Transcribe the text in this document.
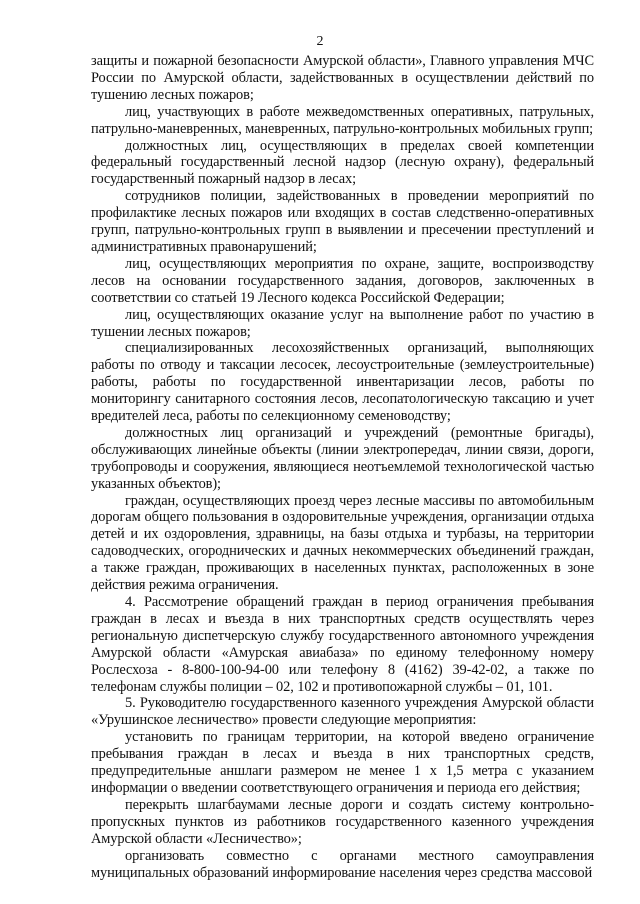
2

защиты и пожарной безопасности Амурской области», Главного управления МЧС России по Амурской области, задействованных в осуществлении действий по тушению лесных пожаров;

лиц, участвующих в работе межведомственных оперативных, патрульных, патрульно-маневренных, маневренных, патрульно-контрольных мобильных групп;

должностных лиц, осуществляющих в пределах своей компетенции федеральный государственный лесной надзор (лесную охрану), федеральный государственный пожарный надзор в лесах;

сотрудников полиции, задействованных в проведении мероприятий по профилактике лесных пожаров или входящих в состав следственно-оперативных групп, патрульно-контрольных групп в выявлении и пресечении преступлений и административных правонарушений;

лиц, осуществляющих мероприятия по охране, защите, воспроизводству лесов на основании государственного задания, договоров, заключенных в соответствии со статьей 19 Лесного кодекса Российской Федерации;

лиц, осуществляющих оказание услуг на выполнение работ по участию в тушении лесных пожаров;

специализированных лесохозяйственных организаций, выполняющих работы по отводу и таксации лесосек, лесоустроительные (землеустроительные) работы, работы по государственной инвентаризации лесов, работы по мониторингу санитарного состояния лесов, лесопатологическую таксацию и учет вредителей леса, работы по селекционному семеноводству;

должностных лиц организаций и учреждений (ремонтные бригады), обслуживающих линейные объекты (линии электропередач, линии связи, дороги, трубопроводы и сооружения, являющиеся неотъемлемой технологической частью указанных объектов);

граждан, осуществляющих проезд через лесные массивы по автомобильным дорогам общего пользования в оздоровительные учреждения, организации отдыха детей и их оздоровления, здравницы, на базы отдыха и турбазы, на территории садоводческих, огороднических и дачных некоммерческих объединений граждан, а также граждан, проживающих в населенных пунктах, расположенных в зоне действия режима ограничения.

4. Рассмотрение обращений граждан в период ограничения пребывания граждан в лесах и въезда в них транспортных средств осуществлять через региональную диспетчерскую службу государственного автономного учреждения Амурской области «Амурская авиабаза» по единому телефонному номеру Рослесхоза - 8-800-100-94-00 или телефону 8 (4162) 39-42-02, а также по телефонам службы полиции – 02, 102 и противопожарной службы – 01, 101.

5. Руководителю государственного казенного учреждения Амурской области «Урушинское лесничество» провести следующие мероприятия:

установить по границам территории, на которой введено ограничение пребывания граждан в лесах и въезда в них транспортных средств, предупредительные аншлаги размером не менее 1 х 1,5 метра с указанием информации о введении соответствующего ограничения и периода его действия;

перекрыть шлагбаумами лесные дороги и создать систему контрольно-пропускных пунктов из работников государственного казенного учреждения Амурской области «Лесничество»;

организовать совместно с органами местного самоуправления муниципальных образований информирование населения через средства массовой
